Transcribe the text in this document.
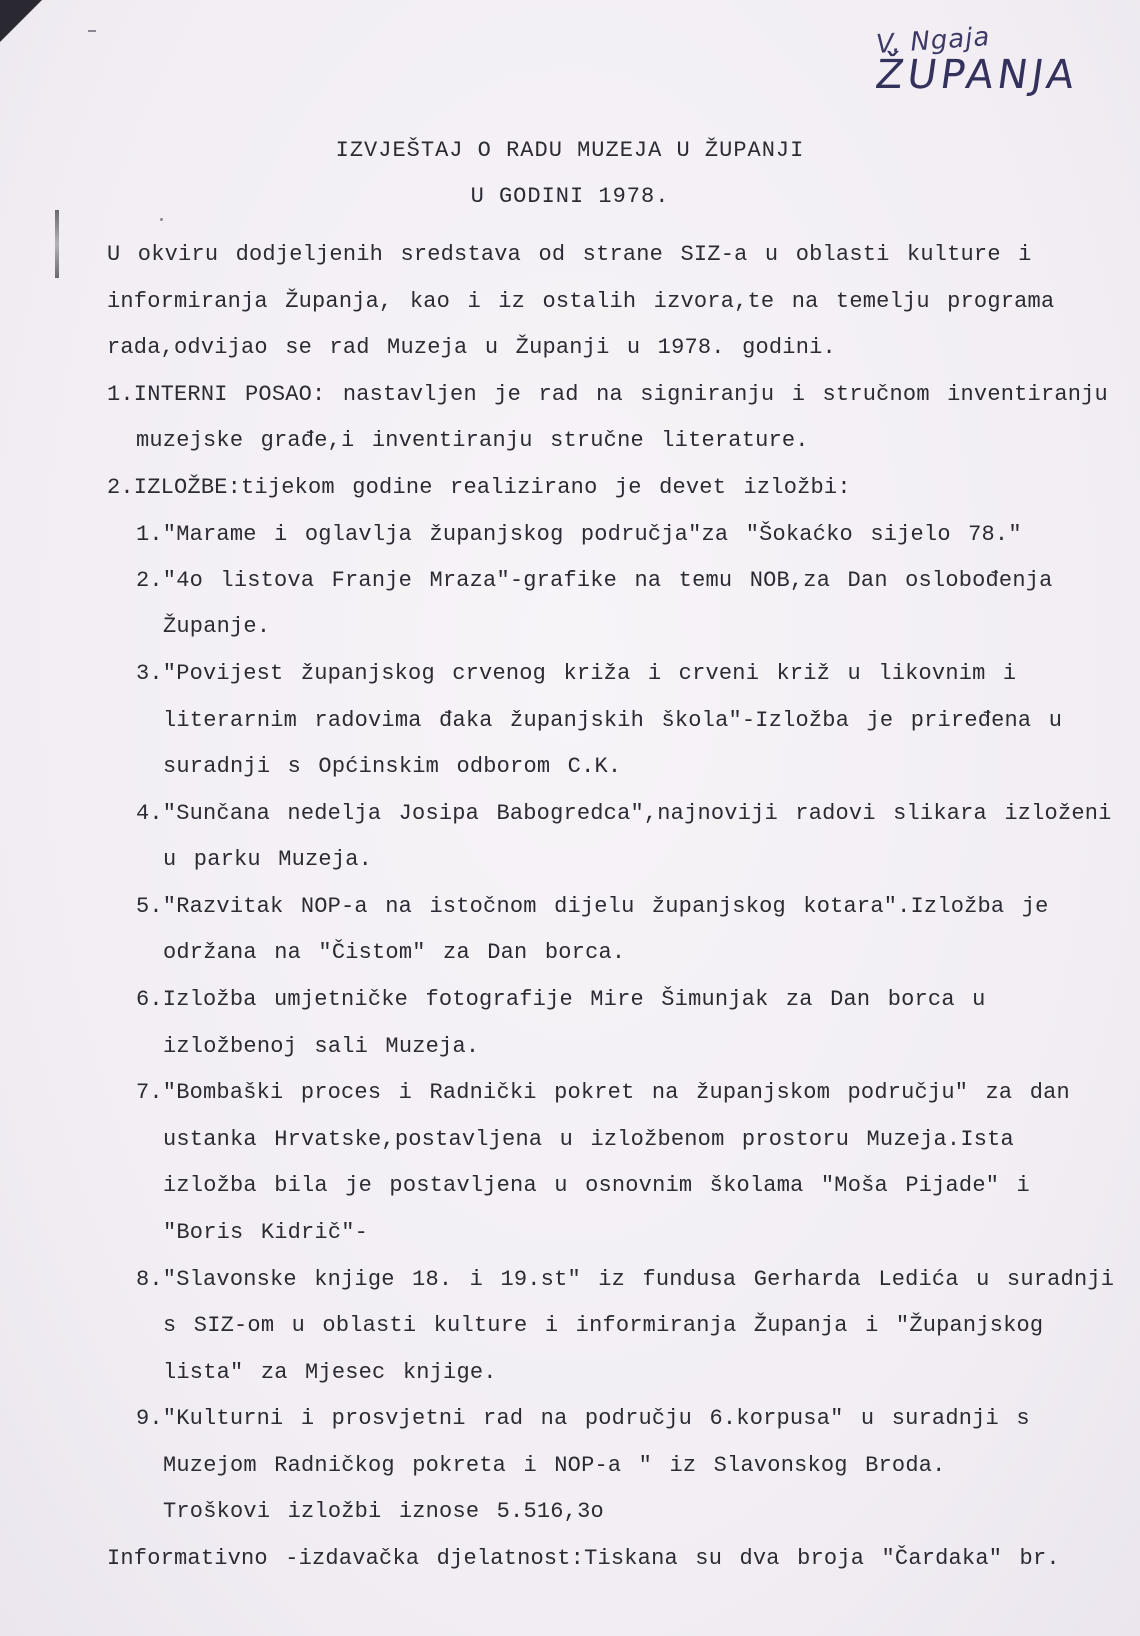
V. Ngaja
ŽUPANJA
IZVJEŠTAJ O RADU MUZEJA U ŽUPANJI
U GODINI 1978.
U okviru dodjeljenih sredstava od strane SIZ-a u oblasti kulture i
informiranja Županja, kao i iz ostalih izvora,te na temelju programa
rada,odvijao se rad Muzeja u Županji u 1978. godini.
1.INTERNI POSAO: nastavljen je rad na signiranju i stručnom inventiranju
muzejske građe,i inventiranju stručne literature.
2.IZLOŽBE:tijekom godine realizirano je devet izložbi:
1."Marame i oglavlja županjskog područja"za "Šokaćko sijelo 78."
2."4o listova Franje Mraza"-grafike na temu NOB,za Dan oslobođenja
Županje.
3."Povijest županjskog crvenog križa i crveni križ u likovnim i
literarnim radovima đaka županjskih škola"-Izložba je priređena u
suradnji s Općinskim odborom C.K.
4."Sunčana nedelja Josipa Babogredca",najnoviji radovi slikara izloženi
u parku Muzeja.
5."Razvitak NOP-a na istočnom dijelu županjskog kotara".Izložba je
održana na "Čistom" za Dan borca.
6.Izložba umjetničke fotografije Mire Šimunjak za Dan borca u
izložbenoj sali Muzeja.
7."Bombaški proces i Radnički pokret na županjskom području" za dan
ustanka Hrvatske,postavljena u izložbenom prostoru Muzeja.Ista
izložba bila je postavljena u osnovnim školama "Moša Pijade" i
"Boris Kidrič"-
8."Slavonske knjige 18. i 19.st" iz fundusa Gerharda Ledića u suradnji
s SIZ-om u oblasti kulture i informiranja Županja i "Županjskog
lista" za Mjesec knjige.
9."Kulturni i prosvjetni rad na području 6.korpusa" u suradnji s
Muzejom Radničkog pokreta i NOP-a " iz Slavonskog Broda.
Troškovi izložbi iznose 5.516,3o
Informativno -izdavačka djelatnost:Tiskana su dva broja "Čardaka" br.
